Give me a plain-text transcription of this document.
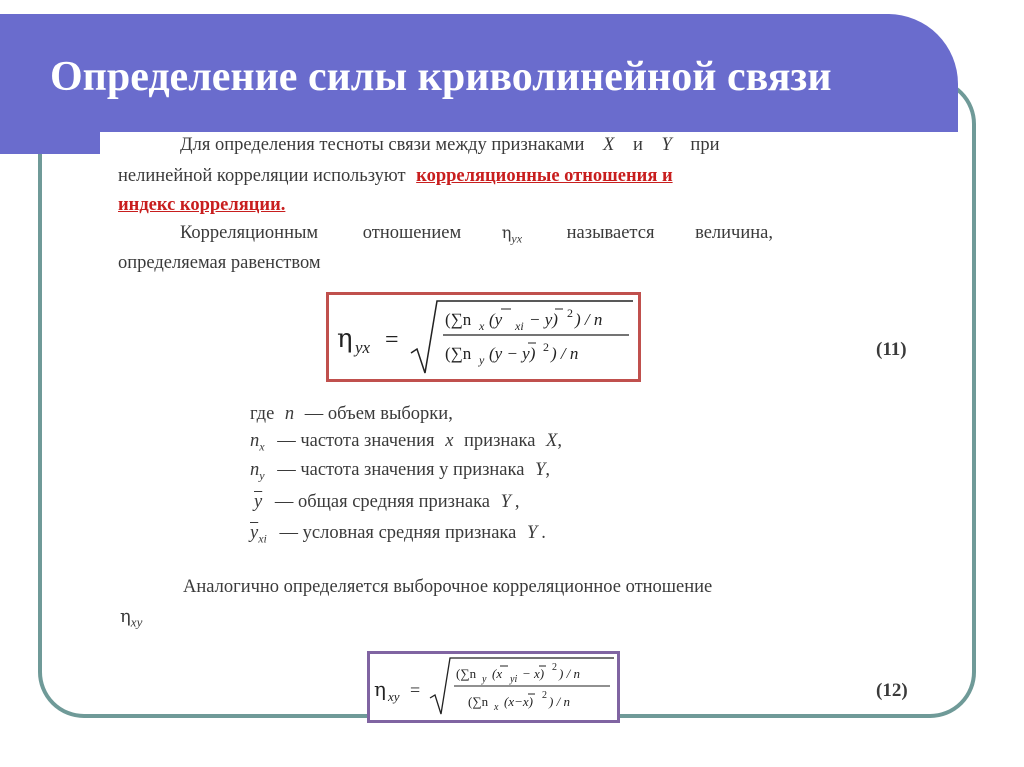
Определение силы криволинейной связи
Для определения тесноты связи между признаками X и Y при
нелинейной корреляции используют корреляционные отношения и
индекс корреляции.
Корреляционным отношением	$\eta_{yx}$ называется величина,
определяемая равенством
η yx =
(∑n x (y xi − y) 2 ) / n
(∑n y (y − y) 2 ) / n	(11)
где n — объем выборки,
$n_x$ — частота значения x признака X,
$n_y$ — частота значения у признака Y,
$\overline{y}$ — общая средняя признака Y ,
$\overline{y}_{xi}$ — условная средняя признака Y .
Аналогично определяется выборочное корреляционное отношение
$\eta_{xy}$
η xy =
(∑n y (x yi − x) 2 ) / n
(∑n x (x−x) 2 ) / n
(12)
